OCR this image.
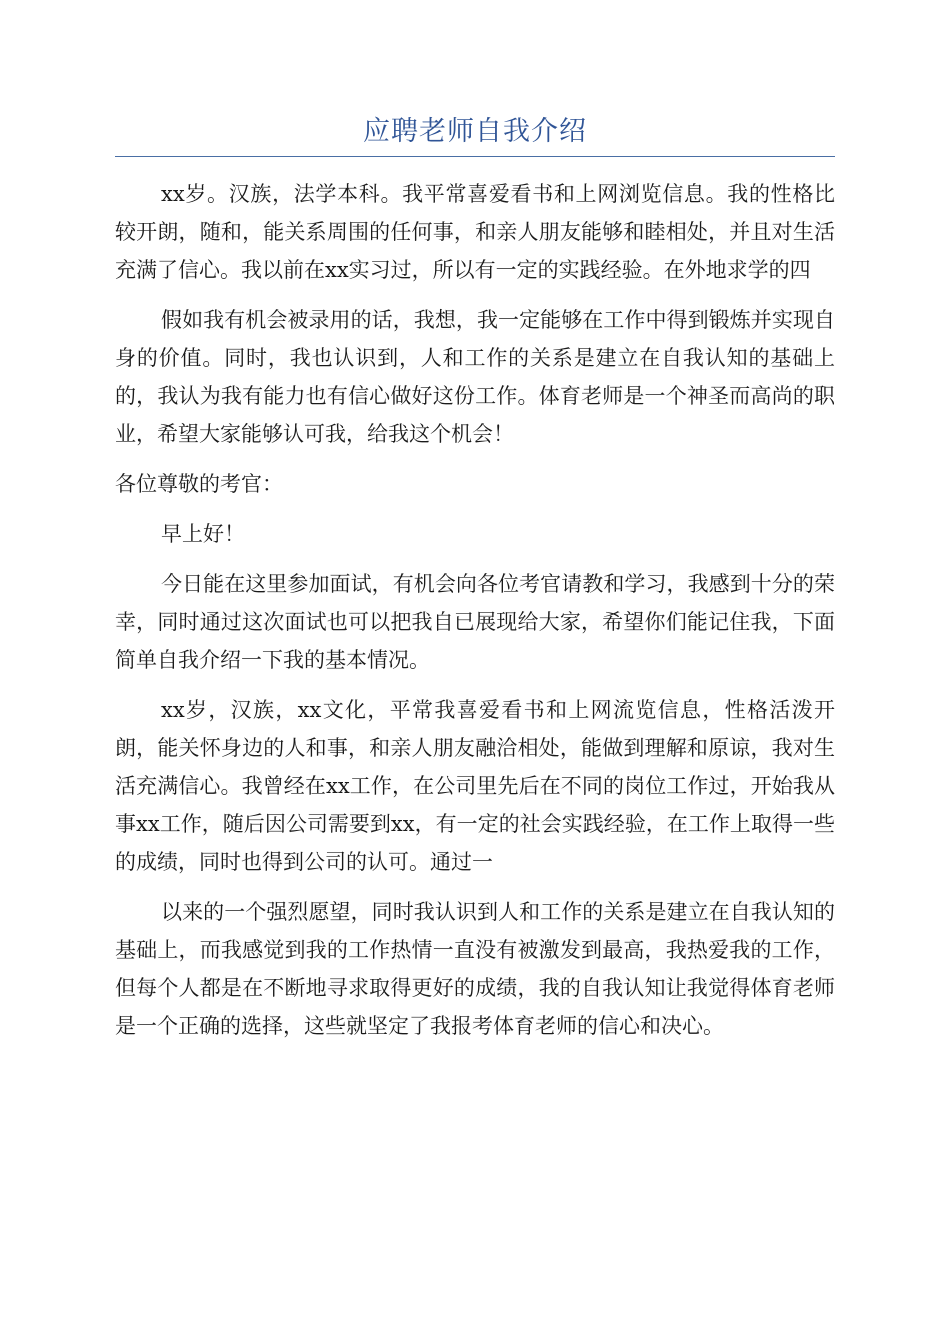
应聘老师自我介绍

xx岁。汉族，法学本科。我平常喜爱看书和上网浏览信息。我的性格比较开朗，随和，能关系周围的任何事，和亲人朋友能够和睦相处，并且对生活充满了信心。我以前在xx实习过，所以有一定的实践经验。在外地求学的四

假如我有机会被录用的话，我想，我一定能够在工作中得到锻炼并实现自身的价值。同时，我也认识到，人和工作的关系是建立在自我认知的基础上的，我认为我有能力也有信心做好这份工作。体育老师是一个神圣而高尚的职业，希望大家能够认可我，给我这个机会！

各位尊敬的考官：

早上好！

今日能在这里参加面试，有机会向各位考官请教和学习，我感到十分的荣幸，同时通过这次面试也可以把我自已展现给大家，希望你们能记住我，下面简单自我介绍一下我的基本情况。

xx岁，汉族，xx文化，平常我喜爱看书和上网流览信息，性格活泼开朗，能关怀身边的人和事，和亲人朋友融洽相处，能做到理解和原谅，我对生活充满信心。我曾经在xx工作，在公司里先后在不同的岗位工作过，开始我从事xx工作，随后因公司需要到xx，有一定的社会实践经验，在工作上取得一些的成绩，同时也得到公司的认可。通过一

以来的一个强烈愿望，同时我认识到人和工作的关系是建立在自我认知的基础上，而我感觉到我的工作热情一直没有被激发到最高，我热爱我的工作，但每个人都是在不断地寻求取得更好的成绩，我的自我认知让我觉得体育老师是一个正确的选择，这些就坚定了我报考体育老师的信心和决心。
